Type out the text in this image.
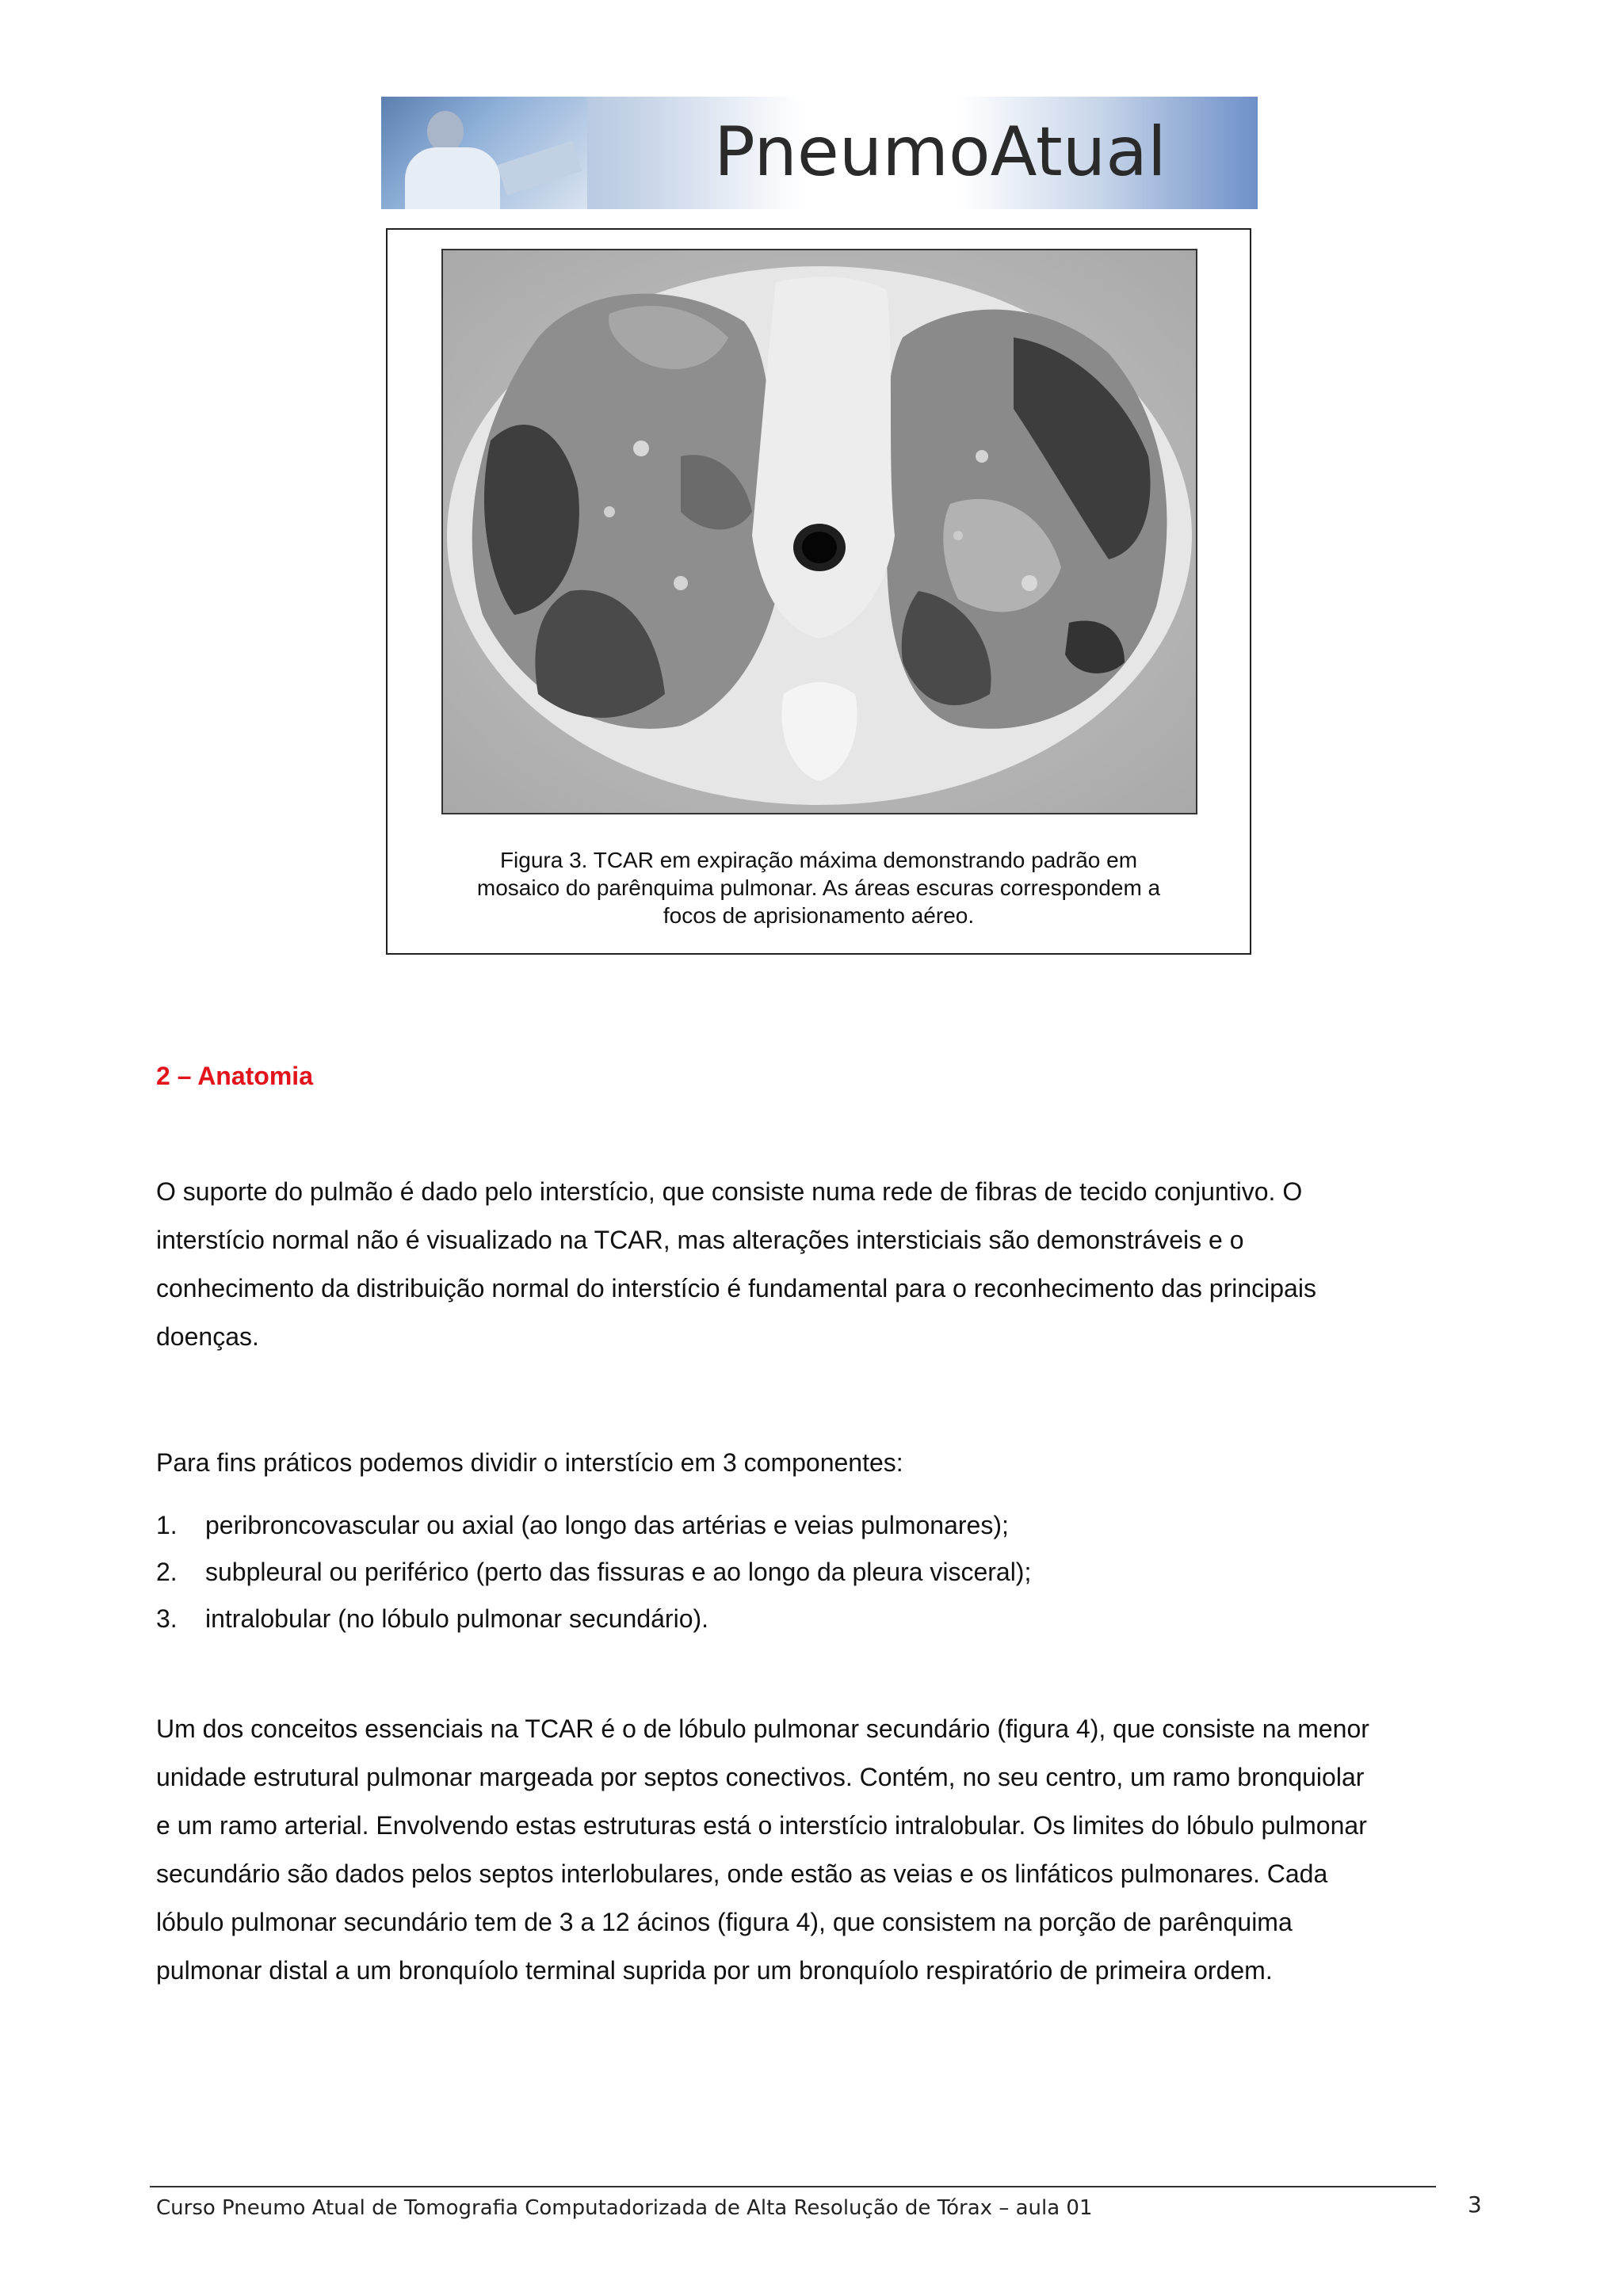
PneumoAtual
Figura 3. TCAR em expiração máxima demonstrando padrão em
mosaico do parênquima pulmonar. As áreas escuras correspondem a
focos de aprisionamento aéreo.
2 – Anatomia
O suporte do pulmão é dado pelo interstício, que consiste numa rede de fibras de tecido conjuntivo. O
interstício normal não é visualizado na TCAR, mas alterações intersticiais são demonstráveis e o
conhecimento da distribuição normal do interstício é fundamental para o reconhecimento das principais
doenças.
Para fins práticos podemos dividir o interstício em 3 componentes:
1. peribroncovascular ou axial (ao longo das artérias e veias pulmonares);
2. subpleural ou periférico (perto das fissuras e ao longo da pleura visceral);
3. intralobular (no lóbulo pulmonar secundário).
Um dos conceitos essenciais na TCAR é o de lóbulo pulmonar secundário (figura 4), que consiste na menor
unidade estrutural pulmonar margeada por septos conectivos. Contém, no seu centro, um ramo bronquiolar
e um ramo arterial. Envolvendo estas estruturas está o interstício intralobular. Os limites do lóbulo pulmonar
secundário são dados pelos septos interlobulares, onde estão as veias e os linfáticos pulmonares. Cada
lóbulo pulmonar secundário tem de 3 a 12 ácinos (figura 4), que consistem na porção de parênquima
pulmonar distal a um bronquíolo terminal suprida por um bronquíolo respiratório de primeira ordem.
Curso Pneumo Atual de Tomografia Computadorizada de Alta Resolução de Tórax – aula 01	3
